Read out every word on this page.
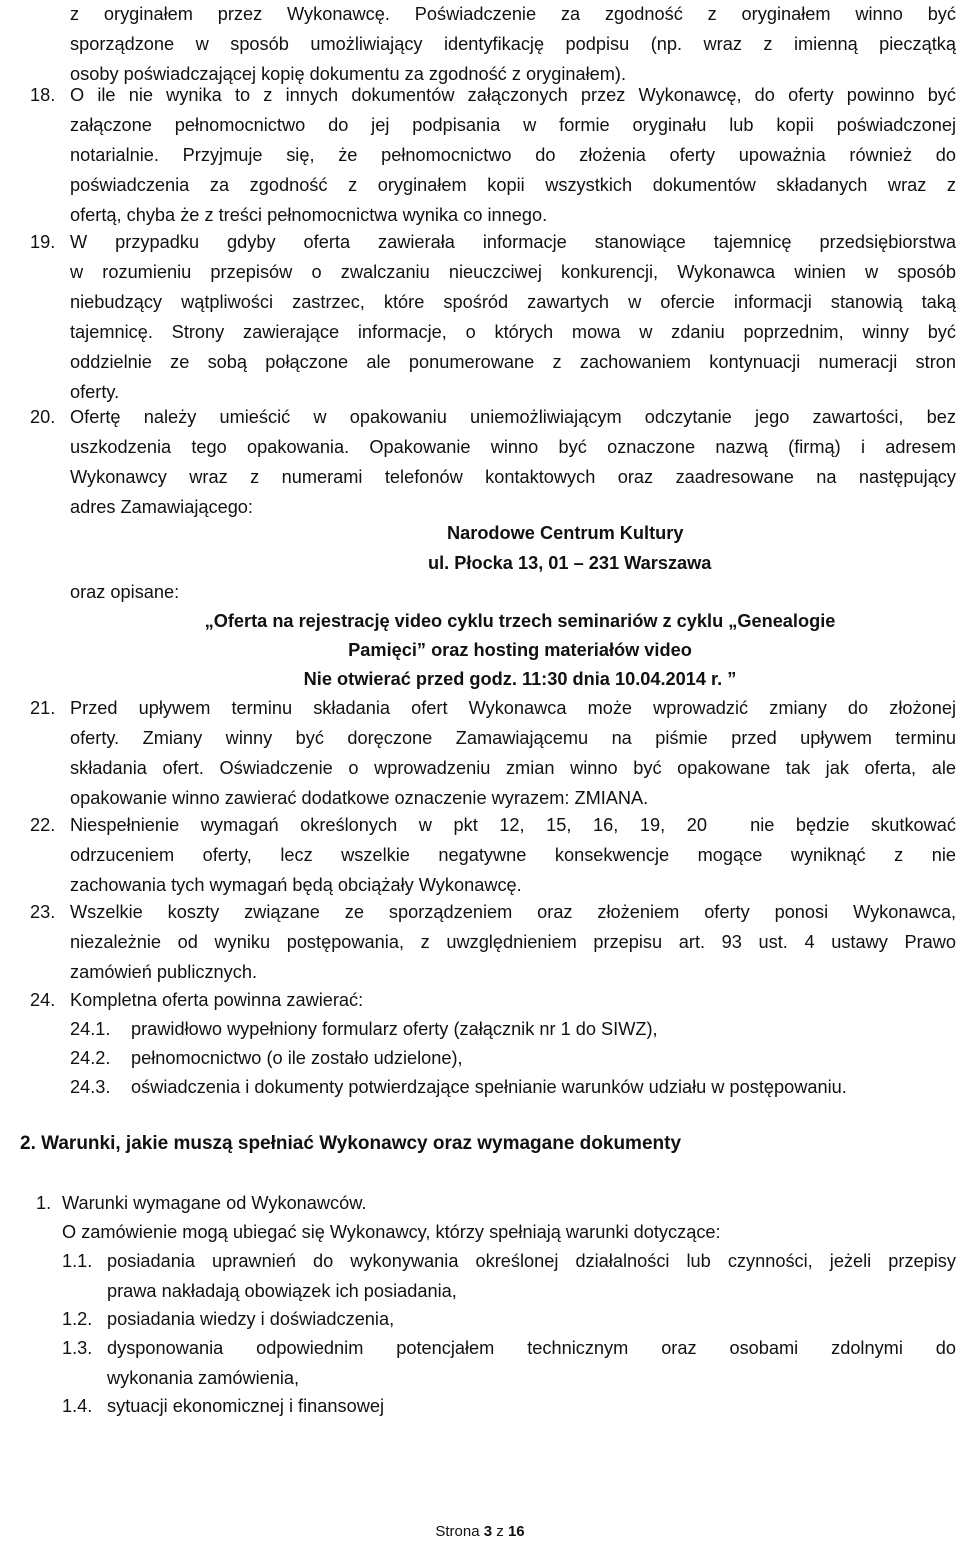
z oryginałem przez Wykonawcę. Poświadczenie za zgodność z oryginałem winno być
sporządzone w sposób umożliwiający identyfikację podpisu (np. wraz z imienną pieczątką
osoby poświadczającej kopię dokumentu za zgodność z oryginałem).
18. O ile nie wynika to z innych dokumentów załączonych przez Wykonawcę, do oferty powinno być
załączone pełnomocnictwo do jej podpisania w formie oryginału lub kopii poświadczonej
notarialnie. Przyjmuje się, że pełnomocnictwo do złożenia oferty upoważnia również do
poświadczenia za zgodność z oryginałem kopii wszystkich dokumentów składanych wraz z
ofertą, chyba że z treści pełnomocnictwa wynika co innego.
19. W przypadku gdyby oferta zawierała informacje stanowiące tajemnicę przedsiębiorstwa
w rozumieniu przepisów o zwalczaniu nieuczciwej konkurencji, Wykonawca winien w sposób
niebudzący wątpliwości zastrzec, które spośród zawartych w ofercie informacji stanowią taką
tajemnicę. Strony zawierające informacje, o których mowa w zdaniu poprzednim, winny być
oddzielnie ze sobą połączone ale ponumerowane z zachowaniem kontynuacji numeracji stron
oferty.
20. Ofertę należy umieścić w opakowaniu uniemożliwiającym odczytanie jego zawartości, bez
uszkodzenia tego opakowania. Opakowanie winno być oznaczone nazwą (firmą) i adresem
Wykonawcy wraz z numerami telefonów kontaktowych oraz zaadresowane na następujący
adres Zamawiającego:
Narodowe Centrum Kultury
ul. Płocka 13, 01 – 231 Warszawa
oraz opisane:
„Oferta na rejestrację video cyklu trzech seminariów z cyklu „Genealogie
Pamięci” oraz hosting materiałów video
Nie otwierać przed godz. 11:30 dnia 10.04.2014 r. ”
21. Przed upływem terminu składania ofert Wykonawca może wprowadzić zmiany do złożonej
oferty. Zmiany winny być doręczone Zamawiającemu na piśmie przed upływem terminu
składania ofert. Oświadczenie o wprowadzeniu zmian winno być opakowane tak jak oferta, ale
opakowanie winno zawierać dodatkowe oznaczenie wyrazem: ZMIANA.
22. Niespełnienie wymagań określonych w pkt 12, 15, 16, 19, 20  nie będzie skutkować
odrzuceniem oferty, lecz wszelkie negatywne konsekwencje mogące wyniknąć z nie
zachowania tych wymagań będą obciążały Wykonawcę.
23. Wszelkie koszty związane ze sporządzeniem oraz złożeniem oferty ponosi Wykonawca,
niezależnie od wyniku postępowania, z uwzględnieniem przepisu art. 93 ust. 4 ustawy Prawo
zamówień publicznych.
24. Kompletna oferta powinna zawierać:
24.1. prawidłowo wypełniony formularz oferty (załącznik nr 1 do SIWZ),
24.2. pełnomocnictwo (o ile zostało udzielone),
24.3. oświadczenia i dokumenty potwierdzające spełnianie warunków udziału w postępowaniu.
2. Warunki, jakie muszą spełniać Wykonawcy oraz wymagane dokumenty
1. Warunki wymagane od Wykonawców.
O zamówienie mogą ubiegać się Wykonawcy, którzy spełniają warunki dotyczące:
1.1. posiadania uprawnień do wykonywania określonej działalności lub czynności, jeżeli przepisy
prawa nakładają obowiązek ich posiadania,
1.2. posiadania wiedzy i doświadczenia,
1.3. dysponowania odpowiednim potencjałem technicznym oraz osobami zdolnymi do
wykonania zamówienia,
1.4. sytuacji ekonomicznej i finansowej
Strona 3 z 16
